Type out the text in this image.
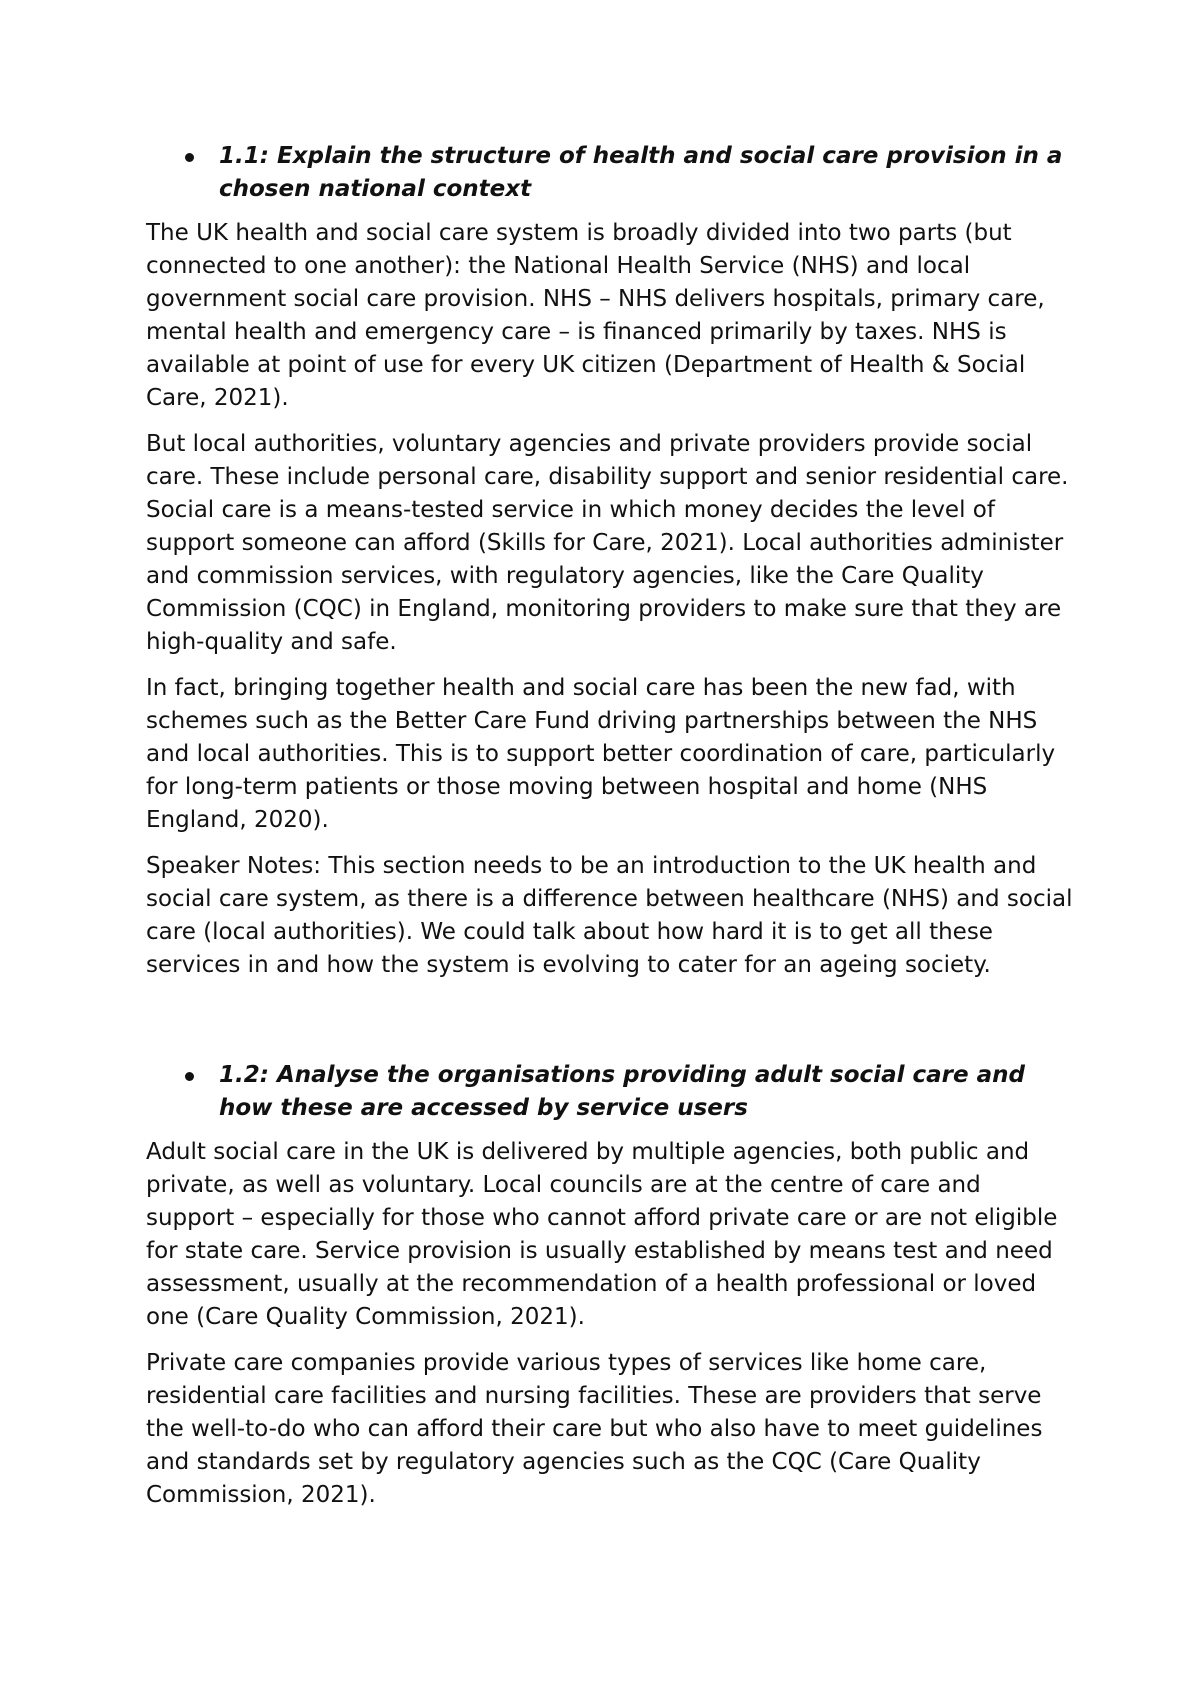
1.1: Explain the structure of health and social care provision in a chosen national context

The UK health and social care system is broadly divided into two parts (but connected to one another): the National Health Service (NHS) and local government social care provision. NHS – NHS delivers hospitals, primary care, mental health and emergency care – is financed primarily by taxes. NHS is available at point of use for every UK citizen (Department of Health & Social Care, 2021).

But local authorities, voluntary agencies and private providers provide social care. These include personal care, disability support and senior residential care. Social care is a means-tested service in which money decides the level of support someone can afford (Skills for Care, 2021). Local authorities administer and commission services, with regulatory agencies, like the Care Quality Commission (CQC) in England, monitoring providers to make sure that they are high-quality and safe.

In fact, bringing together health and social care has been the new fad, with schemes such as the Better Care Fund driving partnerships between the NHS and local authorities. This is to support better coordination of care, particularly for long-term patients or those moving between hospital and home (NHS England, 2020).

Speaker Notes: This section needs to be an introduction to the UK health and social care system, as there is a difference between healthcare (NHS) and social care (local authorities). We could talk about how hard it is to get all these services in and how the system is evolving to cater for an ageing society.

1.2: Analyse the organisations providing adult social care and how these are accessed by service users

Adult social care in the UK is delivered by multiple agencies, both public and private, as well as voluntary. Local councils are at the centre of care and support – especially for those who cannot afford private care or are not eligible for state care. Service provision is usually established by means test and need assessment, usually at the recommendation of a health professional or loved one (Care Quality Commission, 2021).

Private care companies provide various types of services like home care, residential care facilities and nursing facilities. These are providers that serve the well-to-do who can afford their care but who also have to meet guidelines and standards set by regulatory agencies such as the CQC (Care Quality Commission, 2021).
